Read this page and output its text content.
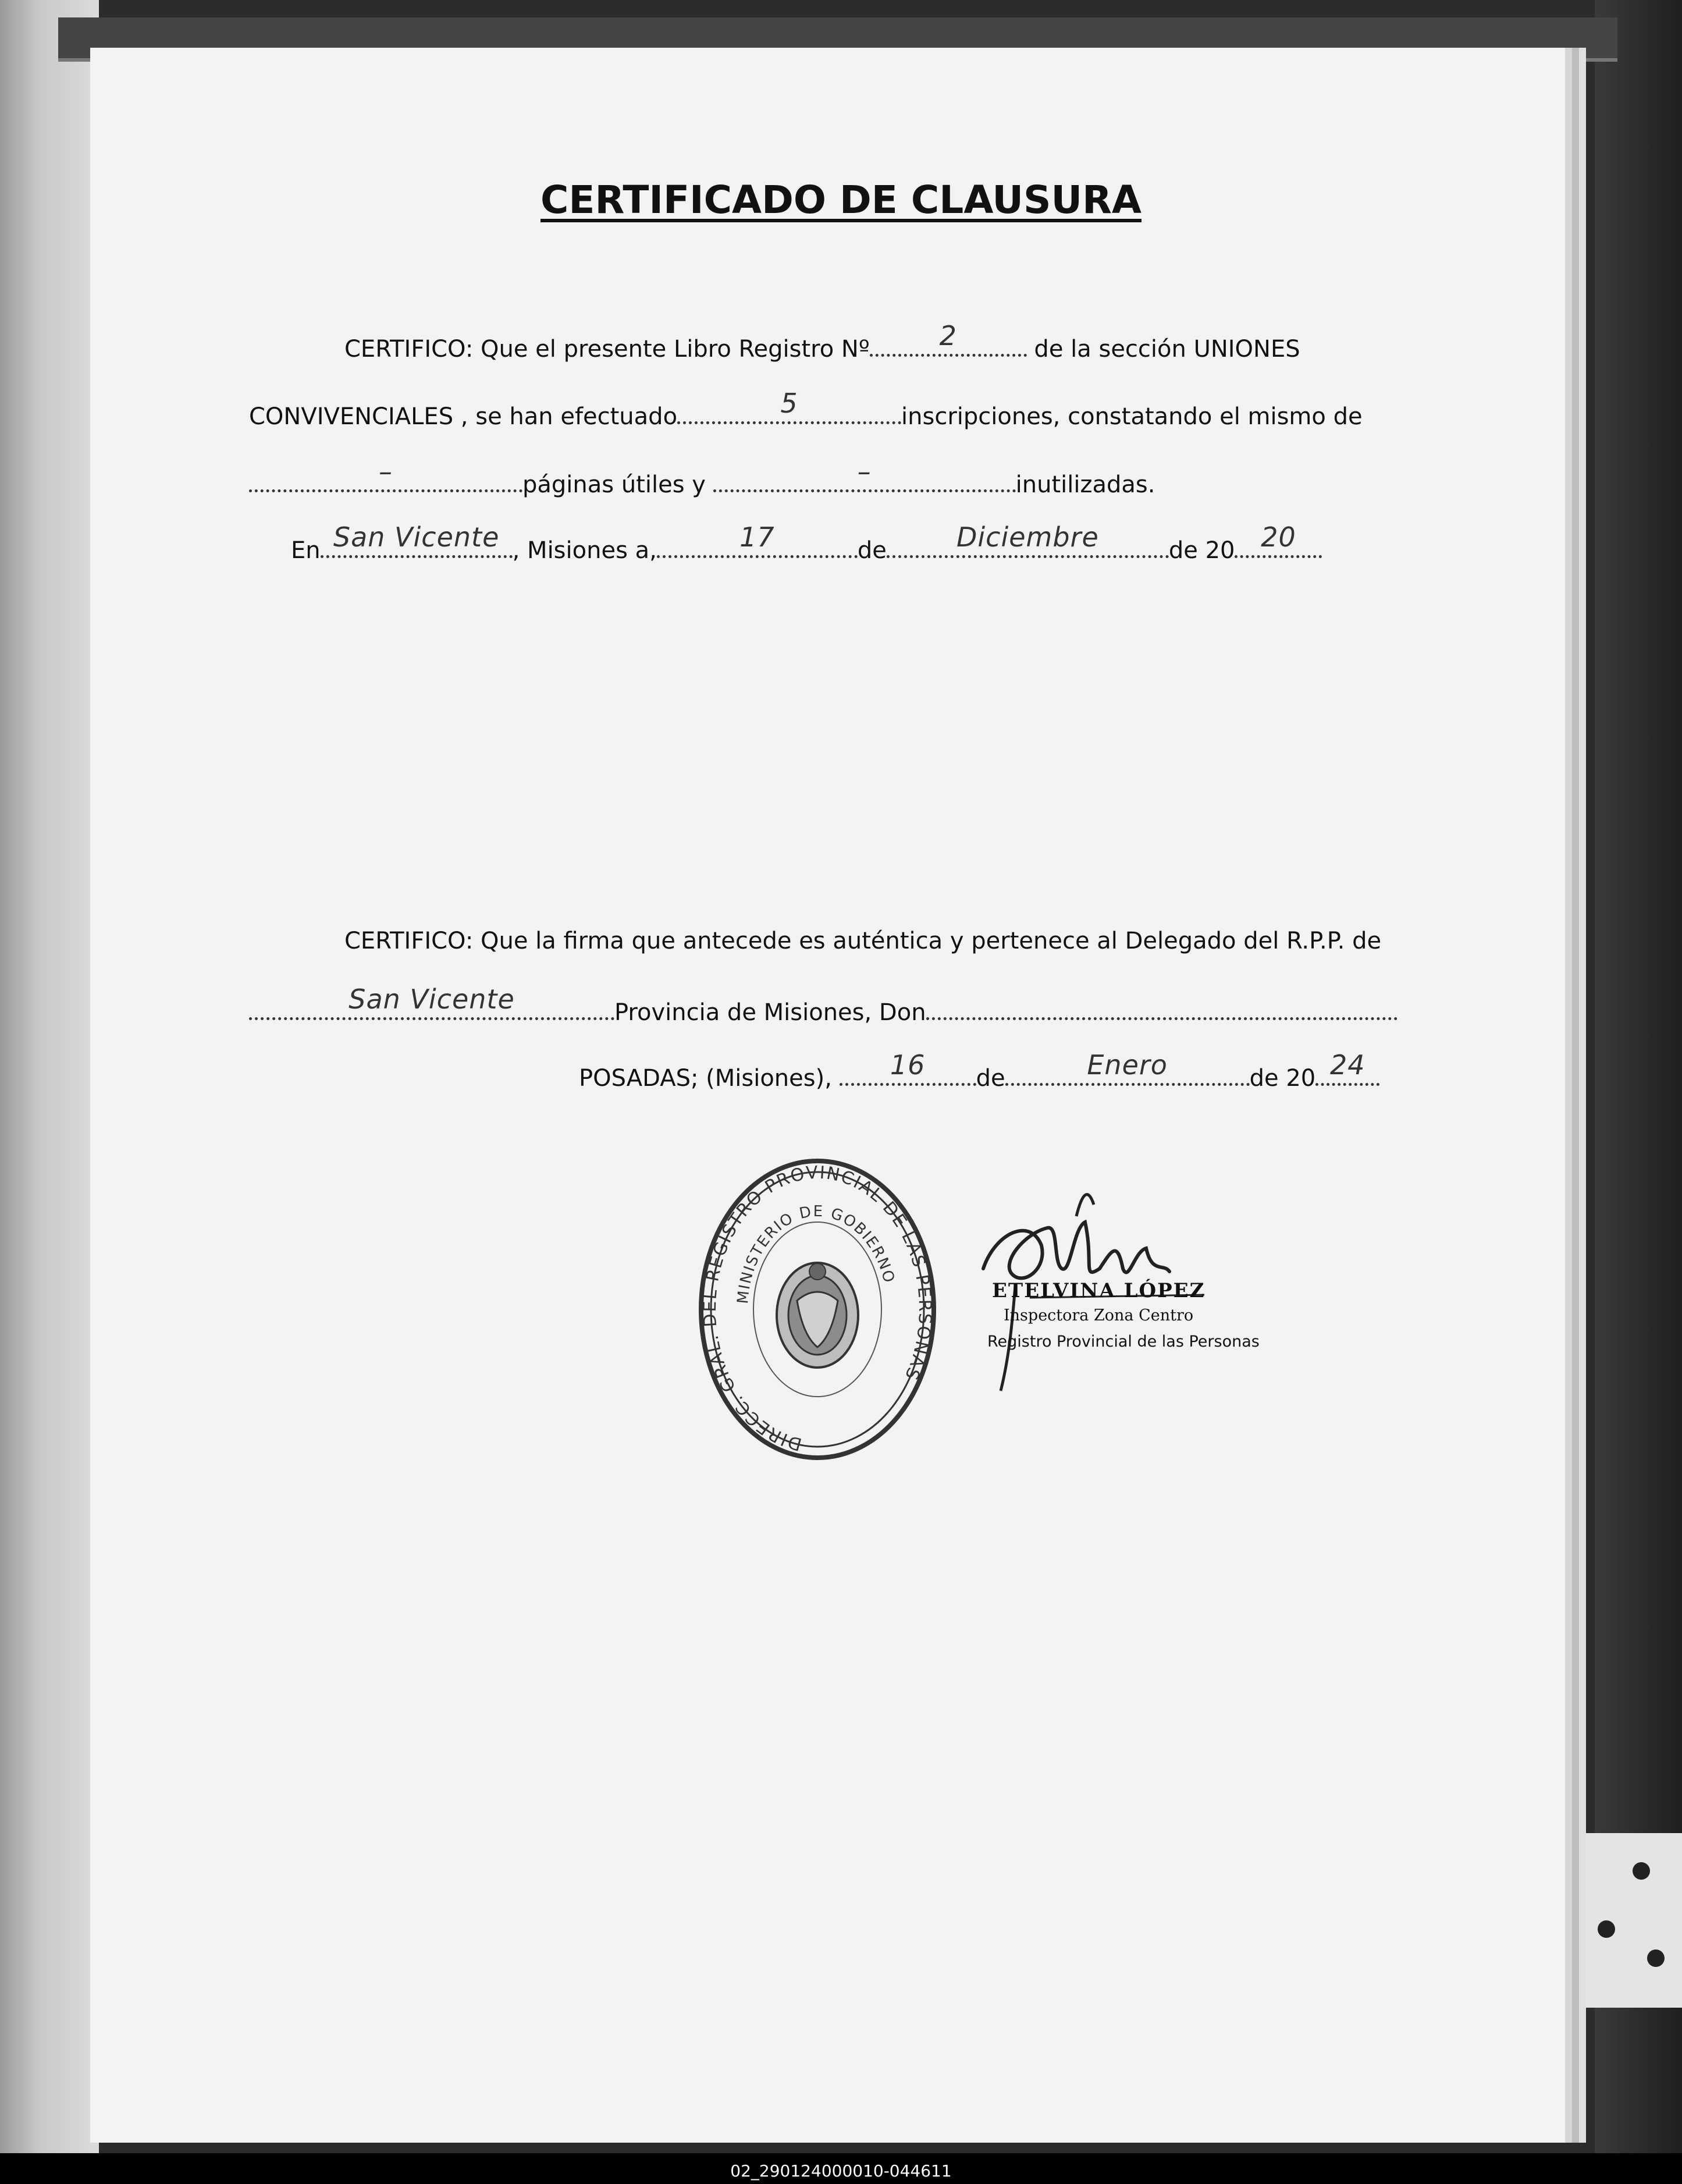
CERTIFICADO DE CLAUSURA
CERTIFICO: Que el presente Libro Registro Nº	2	de la sección UNIONES
CONVIVENCIALES , se han efectuado	5	inscripciones, constatando el mismo de
–	páginas útiles y	–	inutilizadas.
En San Vicente , Misiones a,	17	de	Diciembre	de 20 20
CERTIFICO: Que la firma que antecede es auténtica y pertenece al Delegado del R.P.P. de
San Vicente	Provincia de Misiones, Don
POSADAS; (Misiones),	16	de	Enero	de 20 24
DIRECC. GRAL. DEL REGISTRO PROVINCIAL DE LAS PERSONAS
MINISTERIO DE GOBIERNO
ETELVINA LÓPEZ
Inspectora Zona Centro
Registro Provincial de las Personas
02_290124000010-044611
